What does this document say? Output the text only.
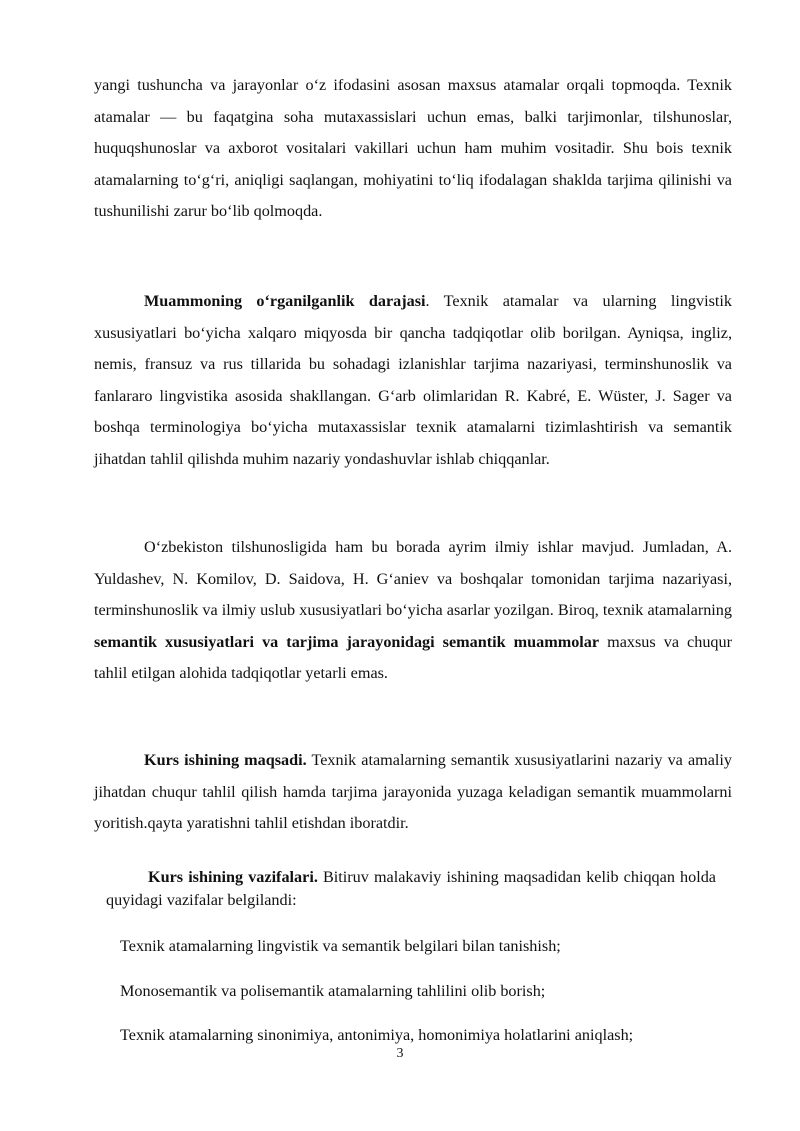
yangi tushuncha va jarayonlar o‘z ifodasini asosan maxsus atamalar orqali topmoqda. Texnik atamalar — bu faqatgina soha mutaxassislari uchun emas, balki tarjimonlar, tilshunoslar, huquqshunoslar va axborot vositalari vakillari uchun ham muhim vositadir. Shu bois texnik atamalarning to‘g‘ri, aniqligi saqlangan, mohiyatini to‘liq ifodalagan shaklda tarjima qilinishi va tushunilishi zarur bo‘lib qolmoqda.

Muammoning o‘rganilganlik darajasi. Texnik atamalar va ularning lingvistik xususiyatlari bo‘yicha xalqaro miqyosda bir qancha tadqiqotlar olib borilgan. Ayniqsa, ingliz, nemis, fransuz va rus tillarida bu sohadagi izlanishlar tarjima nazariyasi, terminshunoslik va fanlararo lingvistika asosida shakllangan. G‘arb olimlaridan R. Kabré, E. Wüster, J. Sager va boshqa terminologiya bo‘yicha mutaxassislar texnik atamalarni tizimlashtirish va semantik jihatdan tahlil qilishda muhim nazariy yondashuvlar ishlab chiqqanlar.

O‘zbekiston tilshunosligida ham bu borada ayrim ilmiy ishlar mavjud. Jumladan, A. Yuldashev, N. Komilov, D. Saidova, H. G‘aniev va boshqalar tomonidan tarjima nazariyasi, terminshunoslik va ilmiy uslub xususiyatlari bo‘yicha asarlar yozilgan. Biroq, texnik atamalarning semantik xususiyatlari va tarjima jarayonidagi semantik muammolar maxsus va chuqur tahlil etilgan alohida tadqiqotlar yetarli emas.

Kurs ishining maqsadi. Texnik atamalarning semantik xususiyatlarini nazariy va amaliy jihatdan chuqur tahlil qilish hamda tarjima jarayonida yuzaga keladigan semantik muammolarni yoritish.qayta yaratishni tahlil etishdan iboratdir.

Kurs ishining vazifalari. Bitiruv malakaviy ishining maqsadidan kelib chiqqan holda quyidagi vazifalar belgilandi:

Texnik atamalarning lingvistik va semantik belgilari bilan tanishish;

Monosemantik va polisemantik atamalarning tahlilini olib borish;

Texnik atamalarning sinonimiya, antonimiya, homonimiya holatlarini aniqlash;

3
